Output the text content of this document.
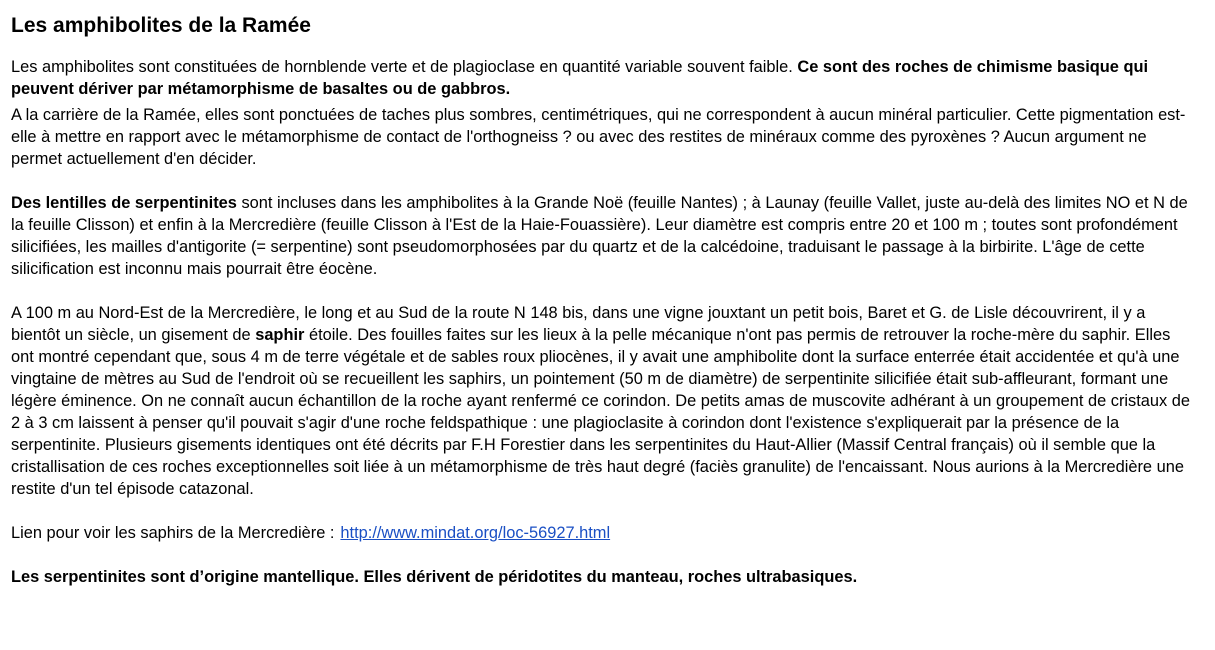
Les amphibolites de la Ramée

Les amphibolites sont constituées de hornblende verte et de plagioclase en quantité variable souvent faible. Ce sont des roches de chimisme basique qui peuvent dériver par métamorphisme de basaltes ou de gabbros.

A la carrière de la Ramée, elles sont ponctuées de taches plus sombres, centimétriques, qui ne correspondent à aucun minéral particulier. Cette pigmentation est-elle à mettre en rapport avec le métamorphisme de contact de l'orthogneiss ? ou avec des restites de minéraux comme des pyroxènes ? Aucun argument ne permet actuellement d'en décider.

Des lentilles de serpentinites sont incluses dans les amphibolites à la Grande Noë (feuille Nantes) ; à Launay (feuille Vallet, juste au-delà des limites NO et N de la feuille Clisson) et enfin à la Mercredière (feuille Clisson à l'Est de la Haie-Fouassière). Leur diamètre est compris entre 20 et 100 m ; toutes sont profondément silicifiées, les mailles d'antigorite (= serpentine) sont pseudomorphosées par du quartz et de la calcédoine, traduisant le passage à la birbirite. L'âge de cette silicification est inconnu mais pourrait être éocène.

A 100 m au Nord-Est de la Mercredière, le long et au Sud de la route N 148 bis, dans une vigne jouxtant un petit bois, Baret et G. de Lisle découvrirent, il y a bientôt un siècle, un gisement de saphir étoile. Des fouilles faites sur les lieux à la pelle mécanique n'ont pas permis de retrouver la roche-mère du saphir. Elles ont montré cependant que, sous 4 m de terre végétale et de sables roux pliocènes, il y avait une amphibolite dont la surface enterrée était accidentée et qu'à une vingtaine de mètres au Sud de l'endroit où se recueillent les saphirs, un pointement (50 m de diamètre) de serpentinite silicifiée était sub-affleurant, formant une légère éminence. On ne connaît aucun échantillon de la roche ayant renfermé ce corindon. De petits amas de muscovite adhérant à un groupement de cristaux de 2 à 3 cm laissent à penser qu'il pouvait s'agir d'une roche feldspathique : une plagioclasite à corindon dont l'existence s'expliquerait par la présence de la serpentinite. Plusieurs gisements identiques ont été décrits par F.H Forestier dans les serpentinites du Haut-Allier (Massif Central français) où il semble que la cristallisation de ces roches exceptionnelles soit liée à un métamorphisme de très haut degré (faciès granulite) de l'encaissant. Nous aurions à la Mercredière une restite d'un tel épisode catazonal.

Lien pour voir les saphirs de la Mercredière : http://www.mindat.org/loc-56927.html

Les serpentinites sont d’origine mantellique. Elles dérivent de péridotites du manteau, roches ultrabasiques.
